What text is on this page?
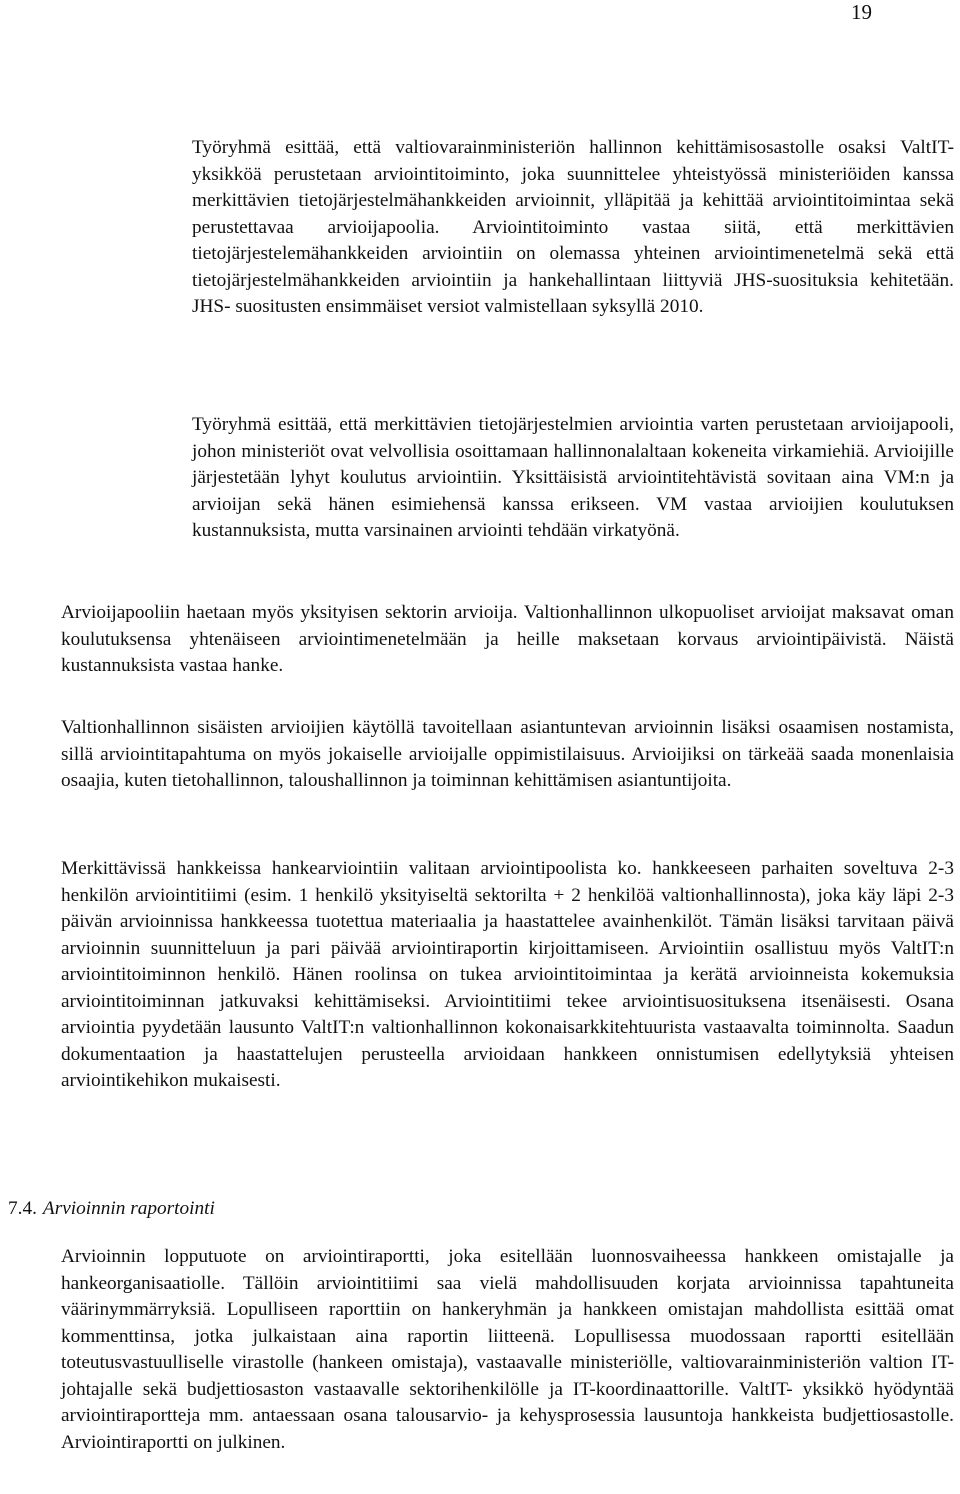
19

Työryhmä esittää, että valtiovarainministeriön hallinnon kehittämisosastolle osaksi ValtIT- yksikköä perustetaan arviointitoiminto, joka suunnittelee yhteistyössä ministeriöiden kanssa merkittävien tietojärjestelmähankkeiden arvioinnit, ylläpitää ja kehittää arviointitoimintaa sekä perustettavaa arvioijapoolia. Arviointitoiminto vastaa siitä, että merkittävien tietojärjestelemähankkeiden arviointiin on olemassa yhteinen arviointimenetelmä sekä että tietojärjestelmähankkeiden arviointiin ja hankehallintaan liittyviä JHS-suosituksia kehitetään. JHS- suositusten ensimmäiset versiot valmistellaan syksyllä 2010.

Työryhmä esittää, että merkittävien tietojärjestelmien arviointia varten perustetaan arvioijapooli, johon ministeriöt ovat velvollisia osoittamaan hallinnonalaltaan kokeneita virkamiehiä. Arvioijille järjestetään lyhyt koulutus arviointiin. Yksittäisistä arviointitehtävistä sovitaan aina VM:n ja arvioijan sekä hänen esimiehensä kanssa erikseen. VM vastaa arvioijien koulutuksen kustannuksista, mutta varsinainen arviointi tehdään virkatyönä.

Arvioijapooliin haetaan myös yksityisen sektorin arvioija. Valtionhallinnon ulkopuoliset arvioijat maksavat oman koulutuksensa yhtenäiseen arviointimenetelmään ja heille maksetaan korvaus arviointipäivistä. Näistä kustannuksista vastaa hanke.

Valtionhallinnon sisäisten arvioijien käytöllä tavoitellaan asiantuntevan arvioinnin lisäksi osaamisen nostamista, sillä arviointitapahtuma on myös jokaiselle arvioijalle oppimistilaisuus. Arvioijiksi on tärkeää saada monenlaisia osaajia, kuten tietohallinnon, taloushallinnon ja toiminnan kehittämisen asiantuntijoita.

Merkittävissä hankkeissa hankearviointiin valitaan arviointipoolista ko. hankkeeseen parhaiten soveltuva 2-3 henkilön arviointitiimi (esim. 1 henkilö yksityiseltä sektorilta + 2 henkilöä valtionhallinnosta), joka käy läpi 2-3 päivän arvioinnissa hankkeessa tuotettua materiaalia ja haastattelee avainhenkilöt. Tämän lisäksi tarvitaan päivä arvioinnin suunnitteluun ja pari päivää arviointiraportin kirjoittamiseen. Arviointiin osallistuu myös ValtIT:n arviointitoiminnon henkilö. Hänen roolinsa on tukea arviointitoimintaa ja kerätä arvioinneista kokemuksia arviointitoiminnan jatkuvaksi kehittämiseksi. Arviointitiimi tekee arviointisuosituksena itsenäisesti. Osana arviointia pyydetään lausunto ValtIT:n valtionhallinnon kokonaisarkkitehtuurista vastaavalta toiminnolta. Saadun dokumentaation ja haastattelujen perusteella arvioidaan hankkeen onnistumisen edellytyksiä yhteisen arviointikehikon mukaisesti.

7.4. Arvioinnin raportointi

Arvioinnin lopputuote on arviointiraportti, joka esitellään luonnosvaiheessa hankkeen omistajalle ja hankeorganisaatiolle. Tällöin arviointitiimi saa vielä mahdollisuuden korjata arvioinnissa tapahtuneita väärinymmärryksiä. Lopulliseen raporttiin on hankeryhmän ja hankkeen omistajan mahdollista esittää omat kommenttinsa, jotka julkaistaan aina raportin liitteenä. Lopullisessa muodossaan raportti esitellään toteutusvastuulliselle virastolle (hankeen omistaja), vastaavalle ministeriölle, valtiovarainministeriön valtion IT-johtajalle sekä budjettiosaston vastaavalle sektorihenkilölle ja IT-koordinaattorille. ValtIT- yksikkö hyödyntää arviointiraportteja mm. antaessaan osana talousarvio- ja kehysprosessia lausuntoja hankkeista budjettiosastolle. Arviointiraportti on julkinen.
